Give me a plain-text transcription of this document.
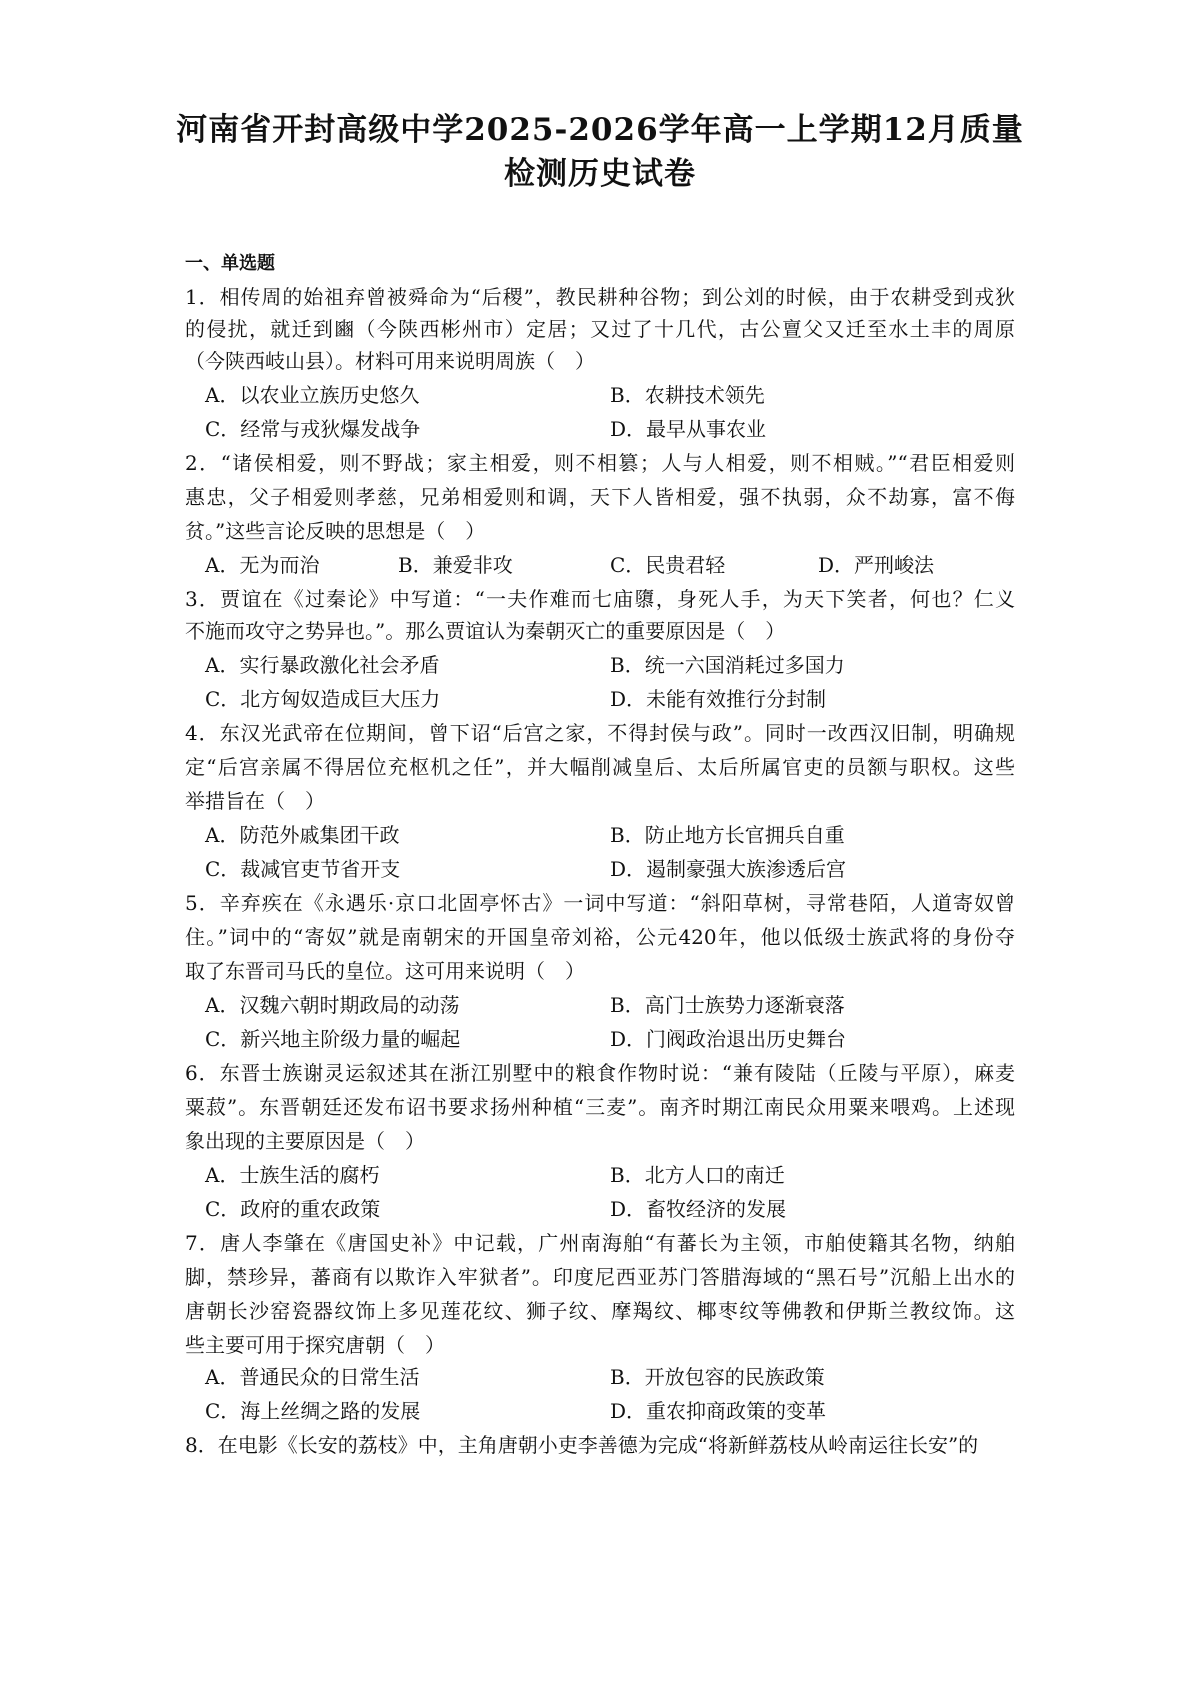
河南省开封高级中学2025-2026学年高一上学期12月质量
检测历史试卷
一、单选题
1．相传周的始祖弃曾被舜命为“后稷”，教民耕种谷物；到公刘的时候，由于农耕受到戎狄
的侵扰，就迁到豳（今陕西彬州市）定居；又过了十几代，古公亶父又迁至水土丰的周原
（今陕西岐山县）。材料可用来说明周族（　）
A．以农业立族历史悠久	B．农耕技术领先
C．经常与戎狄爆发战争	D．最早从事农业
2．“诸侯相爱，则不野战；家主相爱，则不相篡；人与人相爱，则不相贼。”“君臣相爱则
惠忠，父子相爱则孝慈，兄弟相爱则和调，天下人皆相爱，强不执弱，众不劫寡，富不侮
贫。”这些言论反映的思想是（　）
A．无为而治	B．兼爱非攻	C．民贵君轻	D．严刑峻法
3．贾谊在《过秦论》中写道：“一夫作难而七庙隳，身死人手，为天下笑者，何也？仁义
不施而攻守之势异也。”。那么贾谊认为秦朝灭亡的重要原因是（　）
A．实行暴政激化社会矛盾	B．统一六国消耗过多国力
C．北方匈奴造成巨大压力	D．未能有效推行分封制
4．东汉光武帝在位期间，曾下诏“后宫之家，不得封侯与政”。同时一改西汉旧制，明确规
定“后宫亲属不得居位充枢机之任”，并大幅削减皇后、太后所属官吏的员额与职权。这些
举措旨在（　）
A．防范外戚集团干政	B．防止地方长官拥兵自重
C．裁减官吏节省开支	D．遏制豪强大族渗透后宫
5．辛弃疾在《永遇乐·京口北固亭怀古》一词中写道：“斜阳草树，寻常巷陌，人道寄奴曾
住。”词中的“寄奴”就是南朝宋的开国皇帝刘裕，公元420年，他以低级士族武将的身份夺
取了东晋司马氏的皇位。这可用来说明（　）
A．汉魏六朝时期政局的动荡	B．高门士族势力逐渐衰落
C．新兴地主阶级力量的崛起	D．门阀政治退出历史舞台
6．东晋士族谢灵运叙述其在浙江别墅中的粮食作物时说：“兼有陵陆（丘陵与平原），麻麦
粟菽”。东晋朝廷还发布诏书要求扬州种植“三麦”。南齐时期江南民众用粟来喂鸡。上述现
象出现的主要原因是（　）
A．士族生活的腐朽	B．北方人口的南迁
C．政府的重农政策	D．畜牧经济的发展
7．唐人李肇在《唐国史补》中记载，广州南海舶“有蕃长为主领，市舶使籍其名物，纳舶
脚，禁珍异，蕃商有以欺诈入牢狱者”。印度尼西亚苏门答腊海域的“黑石号”沉船上出水的
唐朝长沙窑瓷器纹饰上多见莲花纹、狮子纹、摩羯纹、椰枣纹等佛教和伊斯兰教纹饰。这
些主要可用于探究唐朝（　）
A．普通民众的日常生活	B．开放包容的民族政策
C．海上丝绸之路的发展	D．重农抑商政策的变革
8．在电影《长安的荔枝》中，主角唐朝小吏李善德为完成“将新鲜荔枝从岭南运往长安”的
